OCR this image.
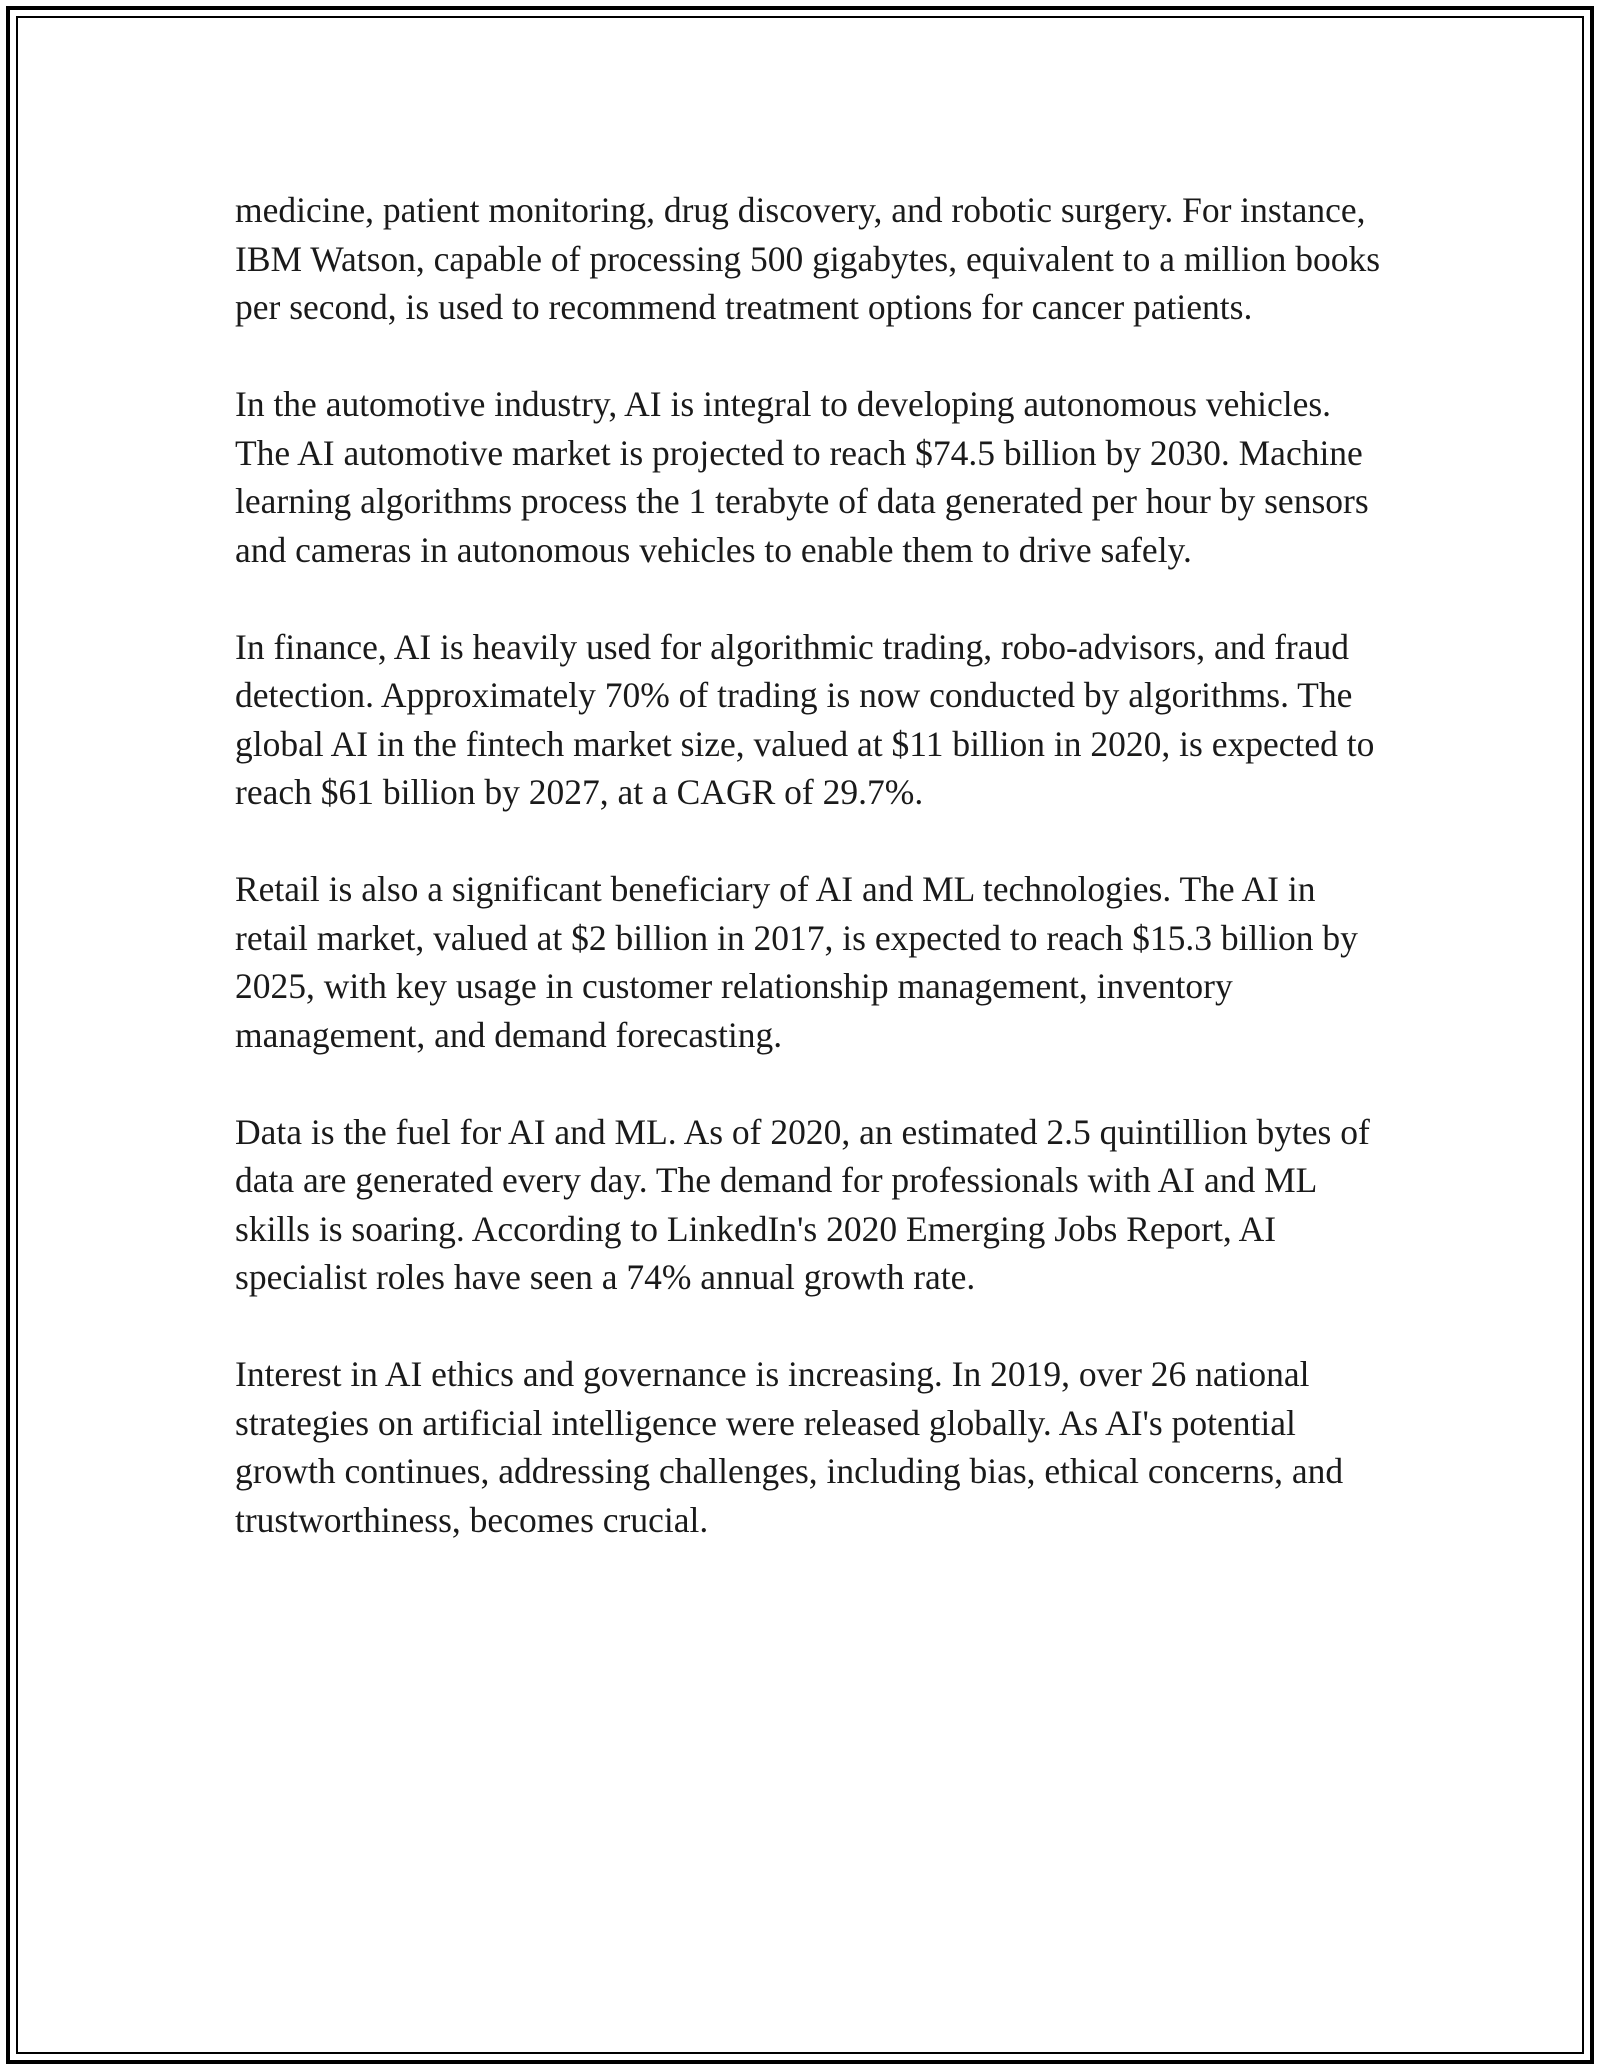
medicine, patient monitoring, drug discovery, and robotic surgery. For instance, IBM Watson, capable of processing 500 gigabytes, equivalent to a million books per second, is used to recommend treatment options for cancer patients.

In the automotive industry, AI is integral to developing autonomous vehicles. The AI automotive market is projected to reach $74.5 billion by 2030. Machine learning algorithms process the 1 terabyte of data generated per hour by sensors and cameras in autonomous vehicles to enable them to drive safely.

In finance, AI is heavily used for algorithmic trading, robo-advisors, and fraud detection. Approximately 70% of trading is now conducted by algorithms. The global AI in the fintech market size, valued at $11 billion in 2020, is expected to reach $61 billion by 2027, at a CAGR of 29.7%.

Retail is also a significant beneficiary of AI and ML technologies. The AI in retail market, valued at $2 billion in 2017, is expected to reach $15.3 billion by 2025, with key usage in customer relationship management, inventory management, and demand forecasting.

Data is the fuel for AI and ML. As of 2020, an estimated 2.5 quintillion bytes of data are generated every day. The demand for professionals with AI and ML skills is soaring. According to LinkedIn's 2020 Emerging Jobs Report, AI specialist roles have seen a 74% annual growth rate.

Interest in AI ethics and governance is increasing. In 2019, over 26 national strategies on artificial intelligence were released globally. As AI's potential growth continues, addressing challenges, including bias, ethical concerns, and trustworthiness, becomes crucial.
